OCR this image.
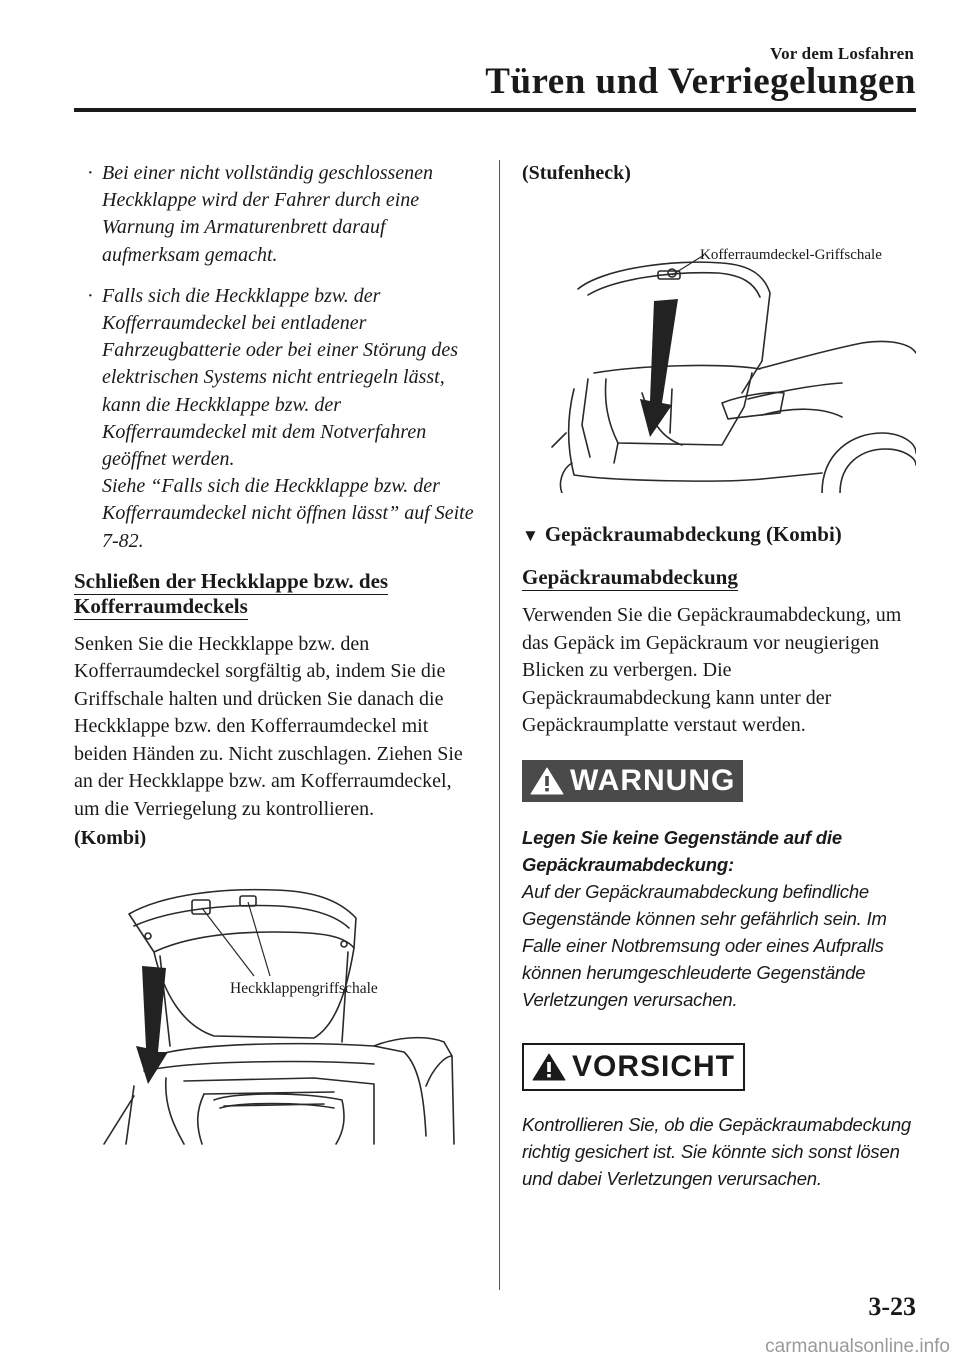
Vor dem Losfahren
Türen und Verriegelungen
· Bei einer nicht vollständig geschlossenen Heckklappe wird der Fahrer durch eine Warnung im Armaturenbrett darauf aufmerksam gemacht.
· Falls sich die Heckklappe bzw. der Kofferraumdeckel bei entladener Fahrzeugbatterie oder bei einer Störung des elektrischen Systems nicht entriegeln lässt, kann die Heckklappe bzw. der Kofferraumdeckel mit dem Notverfahren geöffnet werden.
Siehe “Falls sich die Heckklappe bzw. der Kofferraumdeckel nicht öffnen lässt” auf Seite 7-82.
Schließen der Heckklappe bzw. des Kofferraumdeckels

Senken Sie die Heckklappe bzw. den Kofferraumdeckel sorgfältig ab, indem Sie die Griffschale halten und drücken Sie danach die Heckklappe bzw. den Kofferraumdeckel mit beiden Händen zu. Nicht zuschlagen. Ziehen Sie an der Heckklappe bzw. am Kofferraumdeckel, um die Verriegelung zu kontrollieren.

(Kombi)

Heckklappengriffschale

(Stufenheck)

Kofferraumdeckel-Griffschale
▼ Gepäckraumabdeckung (Kombi)
Gepäckraumabdeckung

Verwenden Sie die Gepäckraumabdeckung, um das Gepäck im Gepäckraum vor neugierigen Blicken zu verbergen. Die Gepäckraumabdeckung kann unter der Gepäckraumplatte verstaut werden.

WARNUNG

Legen Sie keine Gegenstände auf die Gepäckraumabdeckung:

Auf der Gepäckraumabdeckung befindliche Gegenstände können sehr gefährlich sein. Im Falle einer Notbremsung oder eines Aufpralls können herumgeschleuderte Gegenstände Verletzungen verursachen.

VORSICHT

Kontrollieren Sie, ob die Gepäckraumabdeckung richtig gesichert ist. Sie könnte sich sonst lösen und dabei Verletzungen verursachen.

3-23
carmanualsonline.info
